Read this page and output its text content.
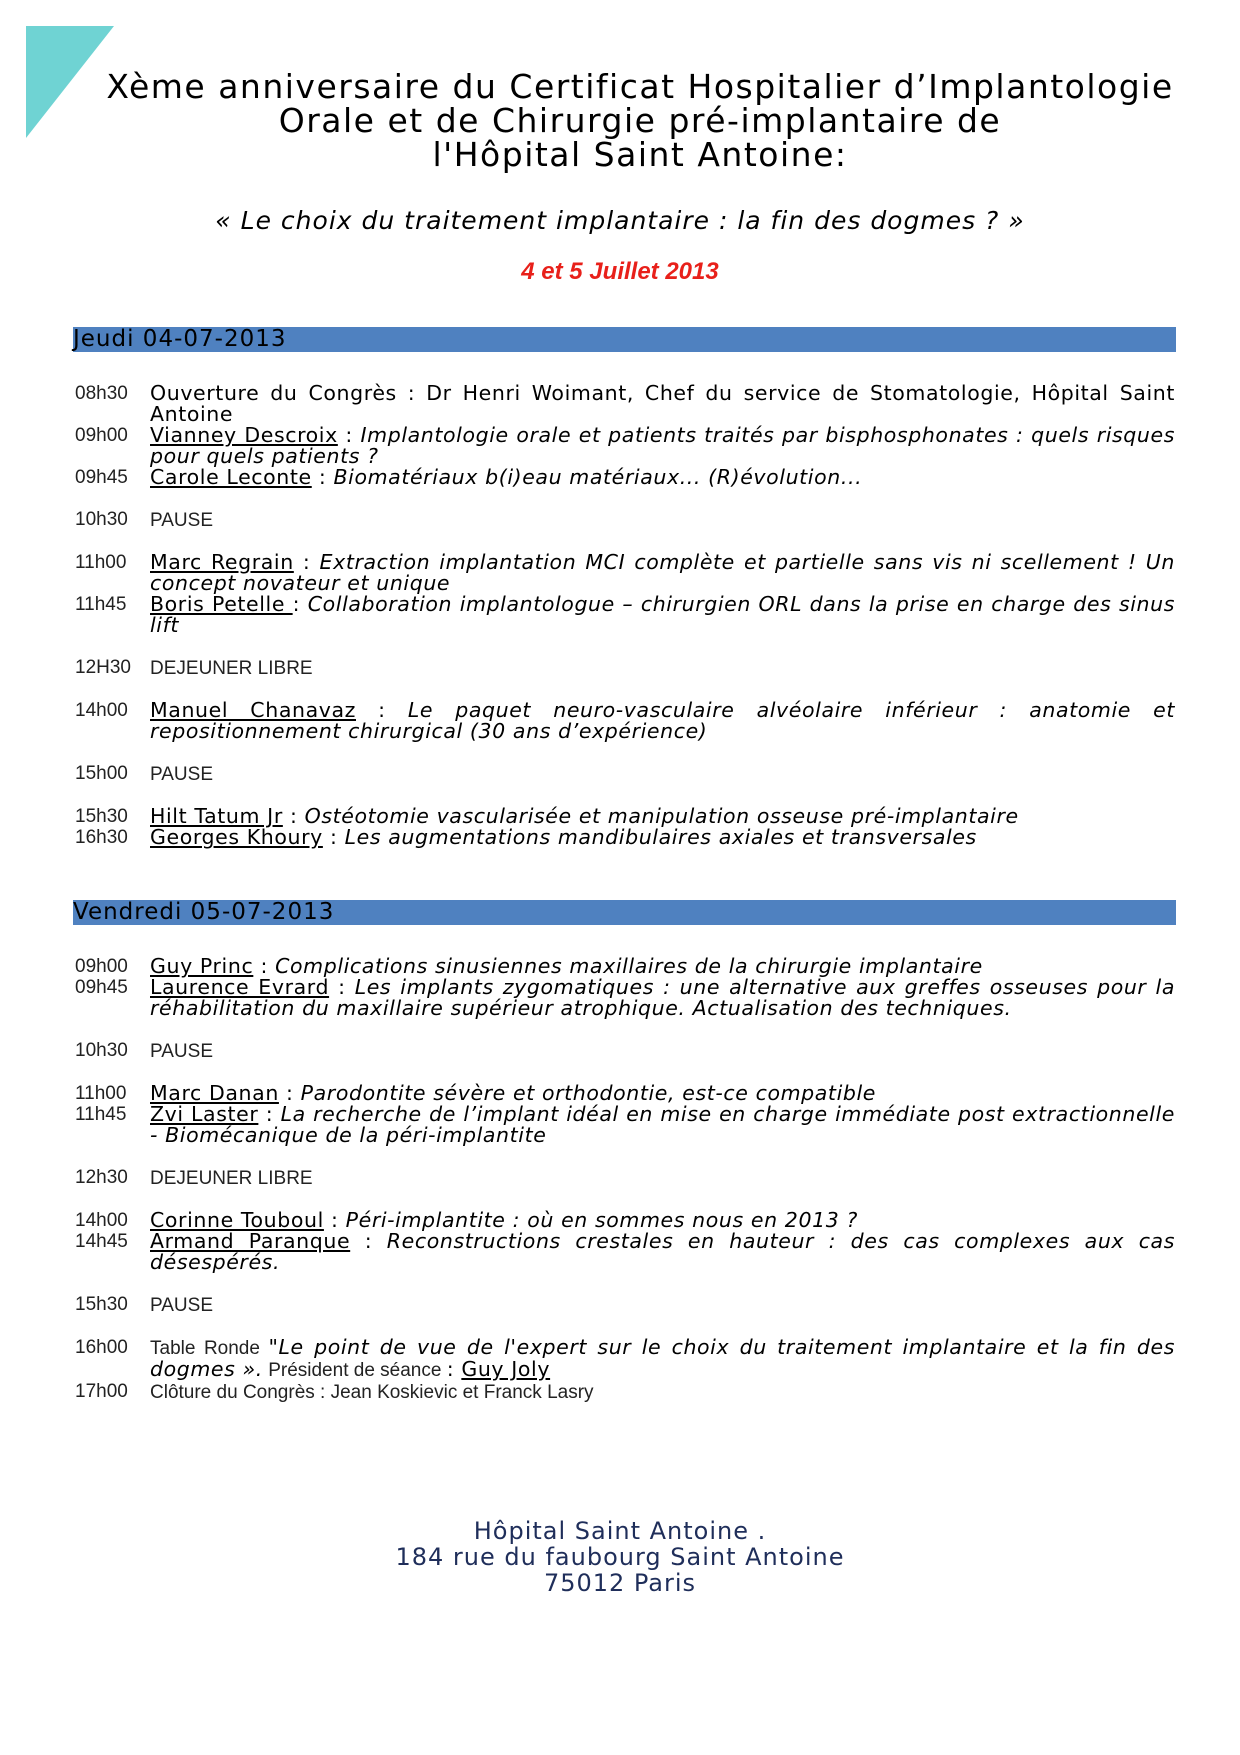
Xème anniversaire du Certificat Hospitalier d’Implantologie
Orale et de Chirurgie pré-implantaire de
l'Hôpital Saint Antoine:
« Le choix du traitement implantaire : la fin des dogmes ? »
4 et 5 Juillet 2013
Jeudi 04-07-2013
08h30	Ouverture du Congrès : Dr Henri Woimant, Chef du service de Stomatologie, Hôpital Saint Antoine
09h00	Vianney Descroix : Implantologie orale et patients traités par bisphosphonates : quels risques pour quels patients ?
09h45	Carole Leconte : Biomatériaux b(i)eau matériaux... (R)évolution...
10h30	PAUSE
11h00	Marc Regrain : Extraction implantation MCI complète et partielle sans vis ni scellement ! Un concept novateur et unique
11h45	Boris Petelle : Collaboration implantologue – chirurgien ORL dans la prise en charge des sinus lift
12H30	DEJEUNER LIBRE
14h00	Manuel Chanavaz : Le paquet neuro-vasculaire alvéolaire inférieur : anatomie et repositionnement chirurgical (30 ans d’expérience)
15h00	PAUSE
15h30	Hilt Tatum Jr : Ostéotomie vascularisée et manipulation osseuse pré-implantaire
16h30	Georges Khoury : Les augmentations mandibulaires axiales et transversales
Vendredi 05-07-2013
09h00	Guy Princ : Complications sinusiennes maxillaires de la chirurgie implantaire
09h45	Laurence Evrard : Les implants zygomatiques : une alternative aux greffes osseuses pour la réhabilitation du maxillaire supérieur atrophique. Actualisation des techniques.
10h30	PAUSE
11h00	Marc Danan : Parodontite sévère et orthodontie, est-ce compatible
11h45	Zvi Laster : La recherche de l’implant idéal en mise en charge immédiate post extractionnelle - Biomécanique de la péri-implantite
12h30	DEJEUNER LIBRE
14h00	Corinne Touboul : Péri-implantite : où en sommes nous en 2013 ?
14h45	Armand Paranque : Reconstructions crestales en hauteur : des cas complexes aux cas désespérés.
15h30	PAUSE
16h00	Table Ronde "Le point de vue de l'expert sur le choix du traitement implantaire et la fin des dogmes ». Président de séance : Guy Joly
17h00	Clôture du Congrès : Jean Koskievic et Franck Lasry
Hôpital Saint Antoine .
184 rue du faubourg Saint Antoine
75012 Paris
